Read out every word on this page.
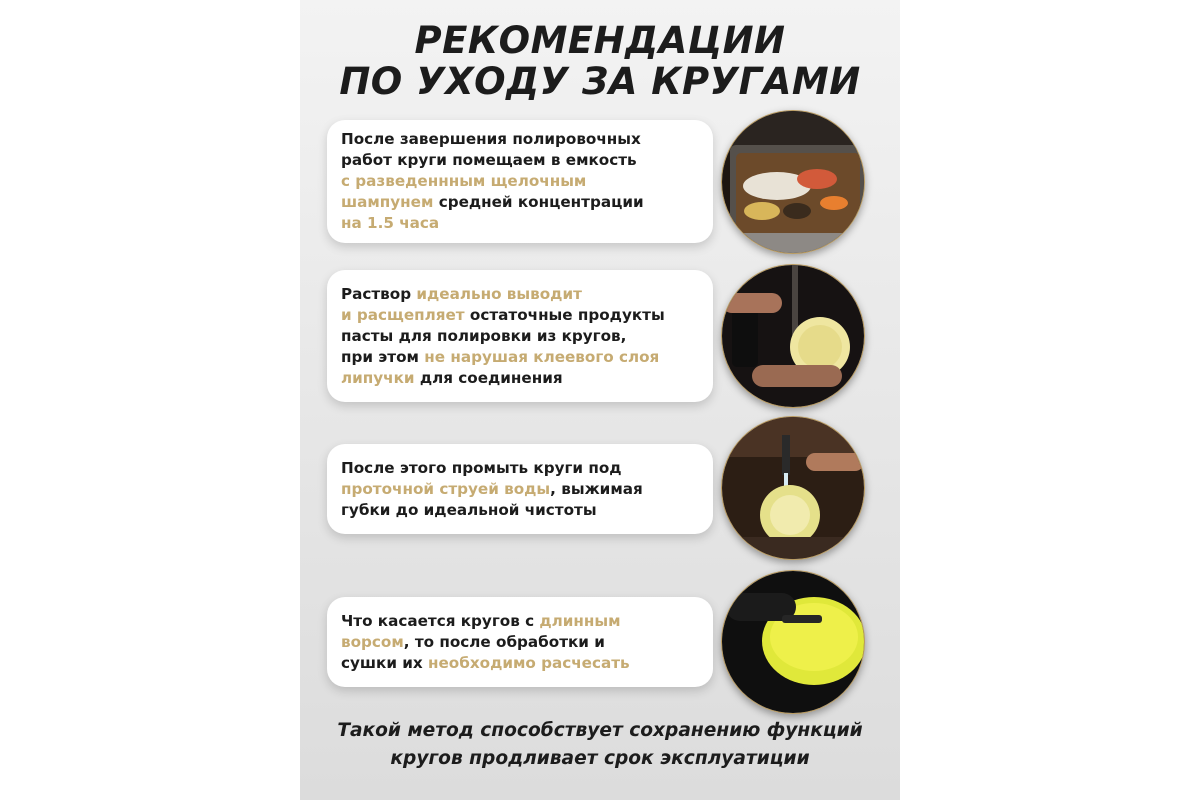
РЕКОМЕНДАЦИИ
ПО УХОДУ ЗА КРУГАМИ

После завершения полировочных
работ круги помещаем в емкость
с разведеннным щелочным
шампунем средней концентрации
на 1.5 часа

Раствор идеально выводит
и расщепляет остаточные продукты
пасты для полировки из кругов,
при этом не нарушая клеевого слоя
липучки для соединения

После этого промыть круги под
проточной струей воды, выжимая
губки до идеальной чистоты

Что касается кругов с длинным
ворсом, то после обработки и
сушки их необходимо расчесать

Такой метод способствует сохранению функций
кругов продливает срок эксплуатиции
